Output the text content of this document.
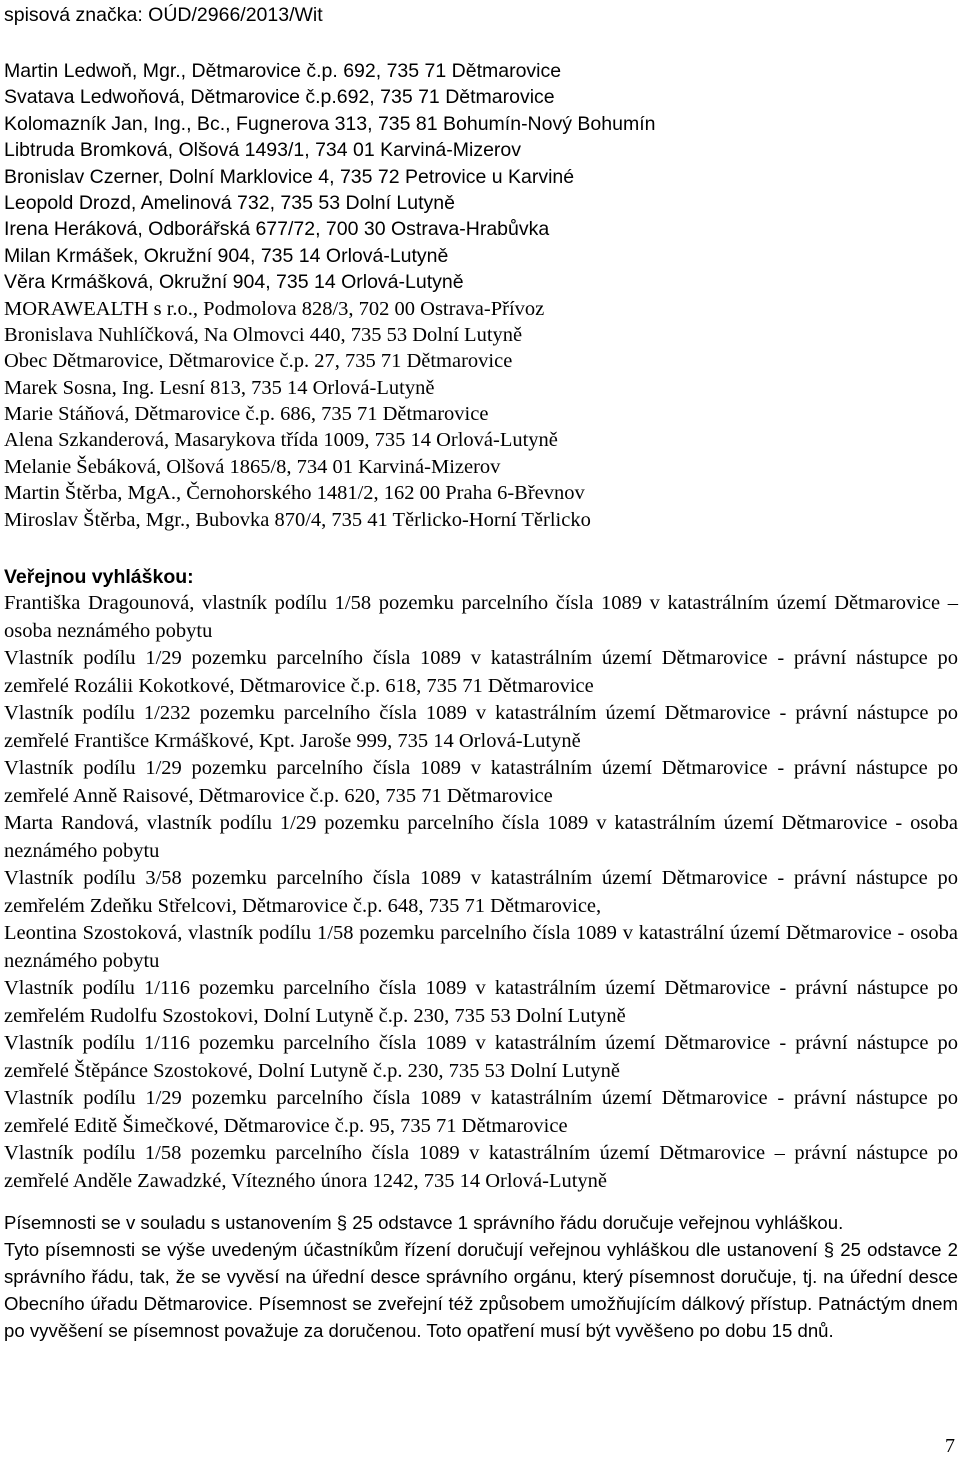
spisová značka: OÚD/2966/2013/Wit
Martin Ledwoň, Mgr., Dětmarovice č.p. 692, 735 71 Dětmarovice
Svatava Ledwoňová, Dětmarovice č.p.692, 735 71 Dětmarovice
Kolomazník Jan, Ing., Bc., Fugnerova 313, 735 81 Bohumín-Nový Bohumín
Libtruda Bromková, Olšová 1493/1, 734 01 Karviná-Mizerov
Bronislav Czerner, Dolní Marklovice 4, 735 72 Petrovice u Karviné
Leopold Drozd, Amelinová 732, 735 53 Dolní Lutyně
Irena Heráková, Odborářská 677/72, 700 30 Ostrava-Hrabůvka
Milan Krmášek, Okružní 904, 735 14 Orlová-Lutyně
Věra Krmášková, Okružní 904, 735 14 Orlová-Lutyně
MORAWEALTH s r.o., Podmolova 828/3, 702 00 Ostrava-Přívoz
Bronislava Nuhlíčková, Na Olmovci 440, 735 53 Dolní Lutyně
Obec Dětmarovice, Dětmarovice č.p. 27, 735 71 Dětmarovice
Marek Sosna, Ing. Lesní 813, 735 14 Orlová-Lutyně
Marie Stáňová, Dětmarovice č.p. 686, 735 71 Dětmarovice
Alena Szkanderová, Masarykova třída 1009, 735 14 Orlová-Lutyně
Melanie Šebáková, Olšová 1865/8, 734 01 Karviná-Mizerov
Martin Štěrba, MgA., Černohorského 1481/2, 162 00 Praha 6-Břevnov
Miroslav Štěrba, Mgr., Bubovka 870/4, 735 41 Těrlicko-Horní Těrlicko
Veřejnou vyhláškou:
Františka Dragounová, vlastník podílu 1/58 pozemku parcelního čísla 1089 v katastrálním území Dětmarovice – osoba neznámého pobytu
Vlastník podílu 1/29 pozemku parcelního čísla 1089 v katastrálním území Dětmarovice - právní nástupce po zemřelé Rozálii Kokotkové, Dětmarovice č.p. 618, 735 71 Dětmarovice
Vlastník podílu 1/232 pozemku parcelního čísla 1089 v katastrálním území Dětmarovice - právní nástupce po zemřelé Františce Krmáškové, Kpt. Jaroše 999, 735 14 Orlová-Lutyně
Vlastník podílu 1/29 pozemku parcelního čísla 1089 v katastrálním území Dětmarovice - právní nástupce po zemřelé Anně Raisové, Dětmarovice č.p. 620, 735 71 Dětmarovice
Marta Randová, vlastník podílu 1/29 pozemku parcelního čísla 1089 v katastrálním území Dětmarovice - osoba neznámého pobytu
Vlastník podílu 3/58 pozemku parcelního čísla 1089 v katastrálním území Dětmarovice - právní nástupce po zemřelém Zdeňku Střelcovi, Dětmarovice č.p. 648, 735 71 Dětmarovice,
Leontina Szostoková, vlastník podílu 1/58 pozemku parcelního čísla 1089 v katastrální území Dětmarovice - osoba neznámého pobytu
Vlastník podílu 1/116 pozemku parcelního čísla 1089 v katastrálním území Dětmarovice - právní nástupce po zemřelém Rudolfu Szostokovi, Dolní Lutyně č.p. 230, 735 53 Dolní Lutyně
Vlastník podílu 1/116 pozemku parcelního čísla 1089 v katastrálním území Dětmarovice - právní nástupce po zemřelé Štěpánce Szostokové, Dolní Lutyně č.p. 230, 735 53 Dolní Lutyně
Vlastník podílu 1/29 pozemku parcelního čísla 1089 v katastrálním území Dětmarovice - právní nástupce po zemřelé Editě Šimečkové, Dětmarovice č.p. 95, 735 71 Dětmarovice
Vlastník podílu 1/58 pozemku parcelního čísla 1089 v katastrálním území Dětmarovice – právní nástupce po zemřelé Anděle Zawadzké, Vítezného února 1242, 735 14 Orlová-Lutyně
Písemnosti se v souladu s ustanovením § 25 odstavce 1 správního řádu doručuje veřejnou vyhláškou.
Tyto písemnosti se výše uvedeným účastníkům řízení doručují veřejnou vyhláškou dle ustanovení § 25 odstavce 2 správního řádu, tak, že se vyvěsí na úřední desce správního orgánu, který písemnost doručuje, tj. na úřední desce Obecního úřadu Dětmarovice. Písemnost se zveřejní též způsobem umožňujícím dálkový přístup. Patnáctým dnem po vyvěšení se písemnost považuje za doručenou. Toto opatření musí být vyvěšeno po dobu 15 dnů.
7
